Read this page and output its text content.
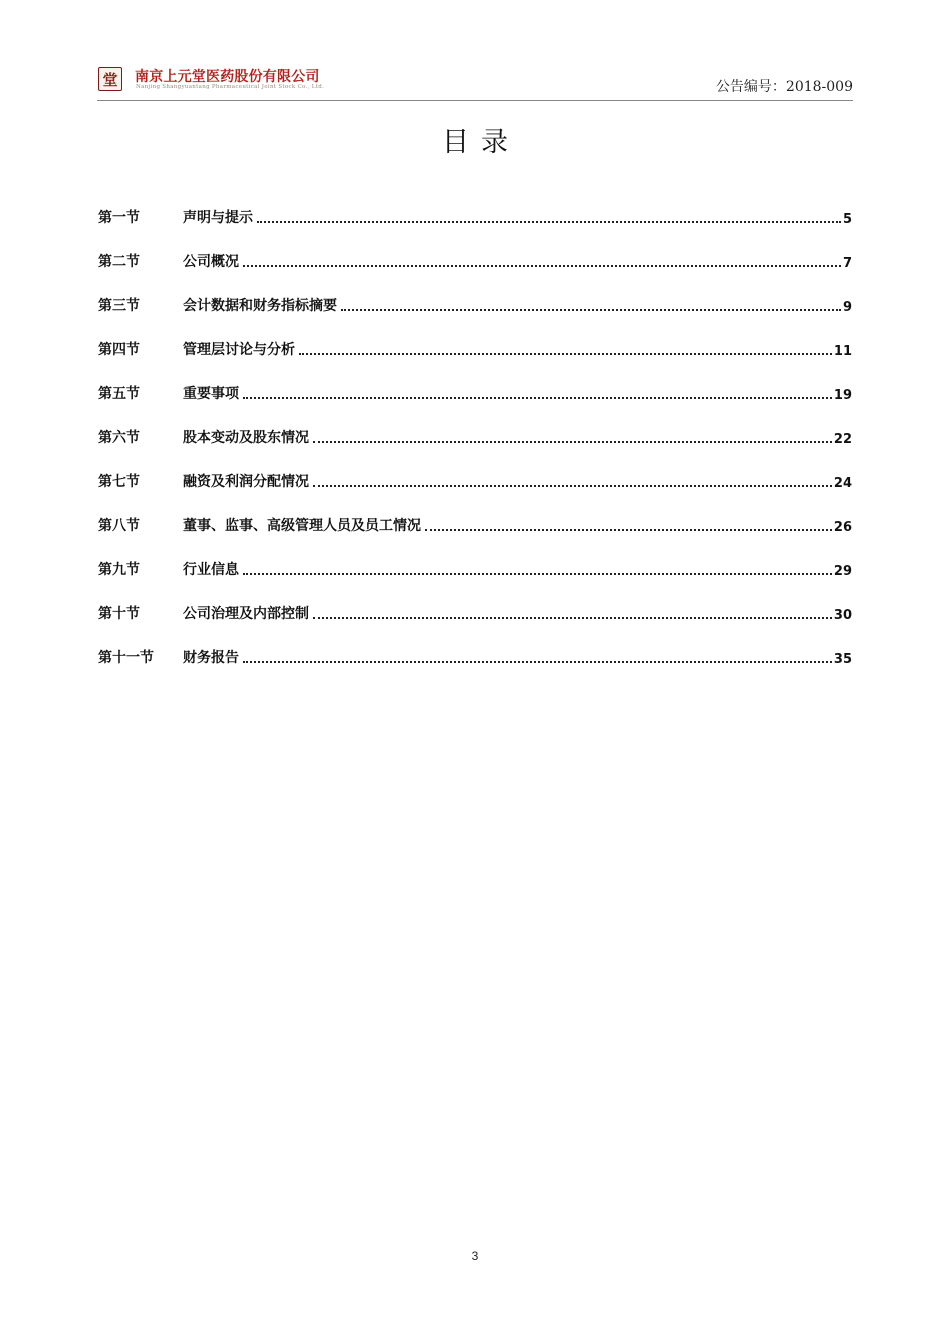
堂 南京上元堂医药股份有限公司
Nanjing Shangyuantang Pharmaceutical Joint Stock Co., Ltd.	公告编号：2018-009
目录
第一节	声明与提示	5
第二节	公司概况	7
第三节	会计数据和财务指标摘要	9
第四节	管理层讨论与分析	11
第五节	重要事项	19
第六节	股本变动及股东情况	22
第七节	融资及利润分配情况	24
第八节	董事、监事、高级管理人员及员工情况	26
第九节	行业信息	29
第十节	公司治理及内部控制	30
第十一节	财务报告	35
3
